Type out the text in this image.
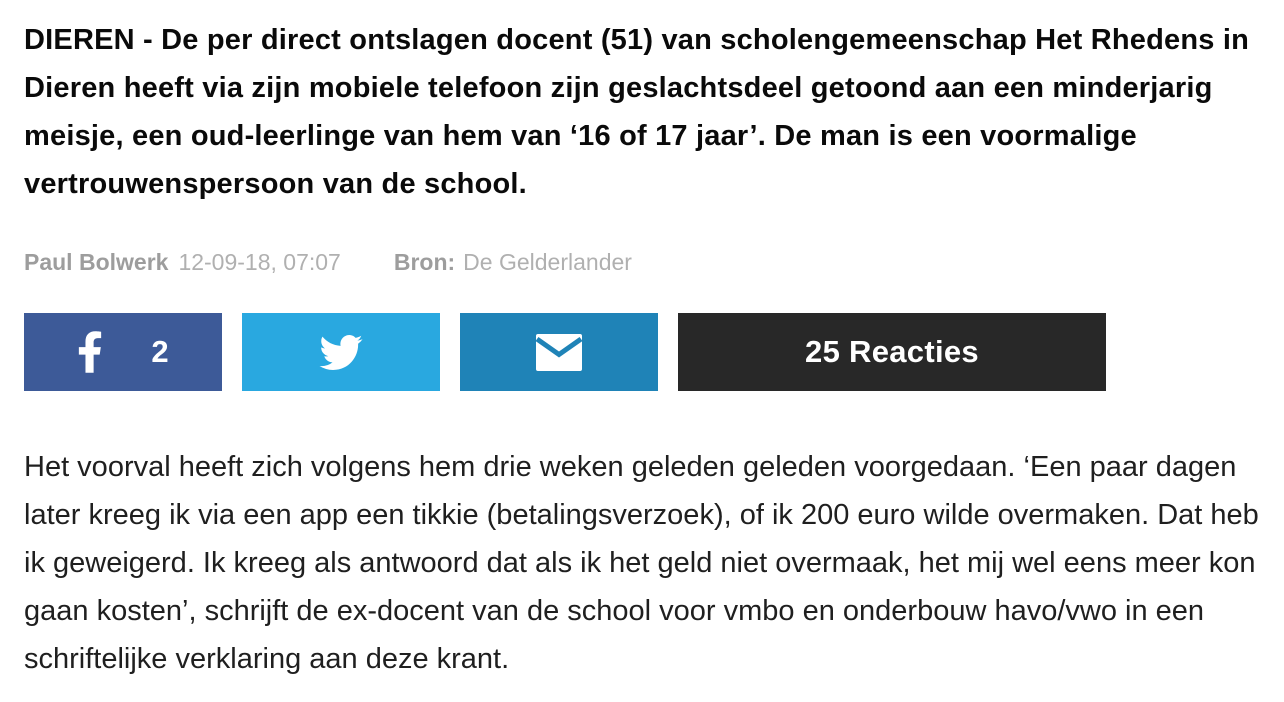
DIEREN - De per direct ontslagen docent (51) van scholengemeenschap Het Rhedens in Dieren heeft via zijn mobiele telefoon zijn geslachtsdeel getoond aan een minderjarig meisje, een oud-leerlinge van hem van ‘16 of 17 jaar’. De man is een voormalige vertrouwenspersoon van de school.

Paul Bolwerk 12-09-18, 07:07 Bron: De Gelderlander
2	25 Reacties

Het voorval heeft zich volgens hem drie weken geleden geleden voorgedaan. ‘Een paar dagen later kreeg ik via een app een tikkie (betalingsverzoek), of ik 200 euro wilde overmaken. Dat heb ik geweigerd. Ik kreeg als antwoord dat als ik het geld niet overmaak, het mij wel eens meer kon gaan kosten’, schrijft de ex-docent van de school voor vmbo en onderbouw havo/vwo in een schriftelijke verklaring aan deze krant.
